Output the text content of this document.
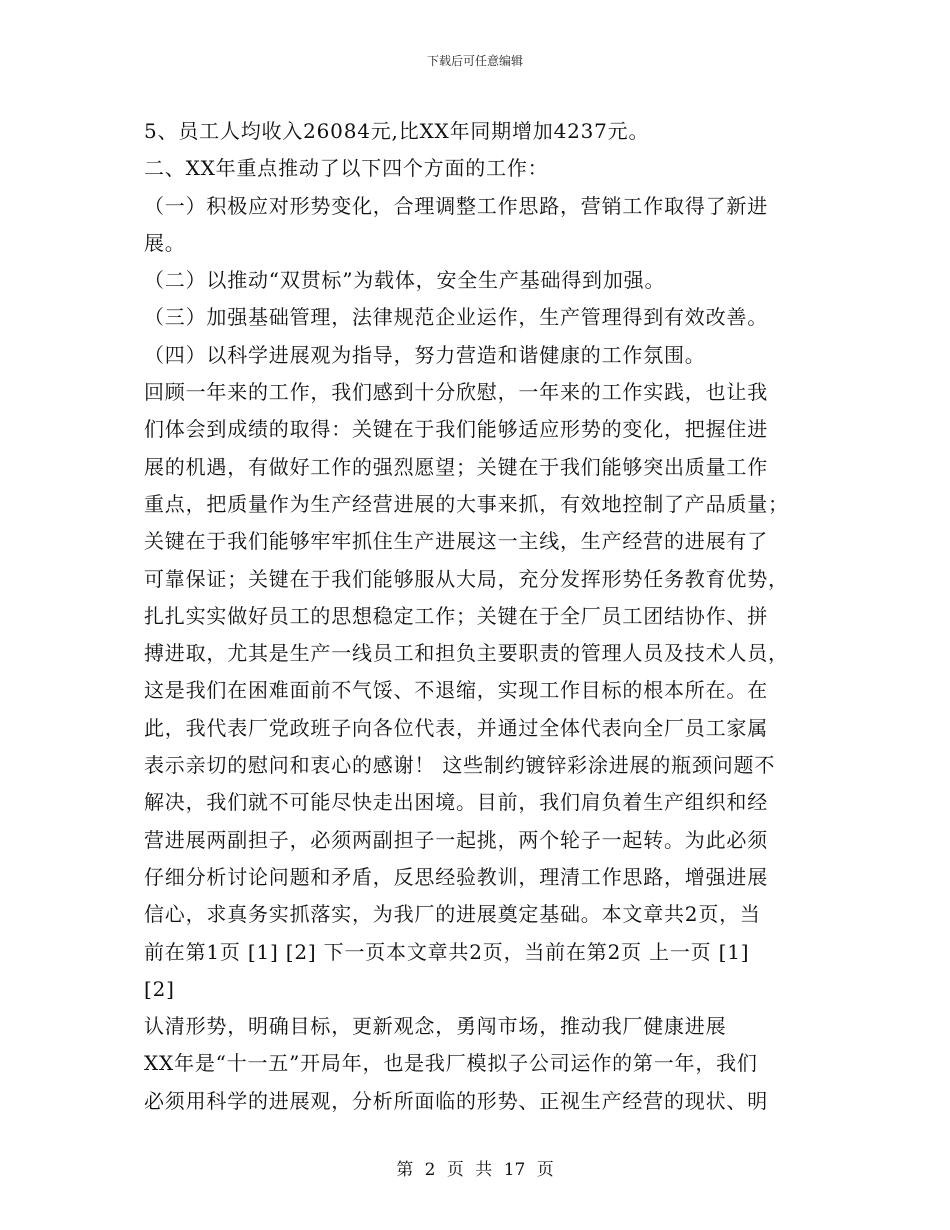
下载后可任意编辑
5、员工人均收入26084元,比XX年同期增加4237元。
二、XX年重点推动了以下四个方面的工作：
（一）积极应对形势变化，合理调整工作思路，营销工作取得了新进
展。
（二）以推动“双贯标”为载体，安全生产基础得到加强。
（三）加强基础管理，法律规范企业运作，生产管理得到有效改善。
（四）以科学进展观为指导，努力营造和谐健康的工作氛围。
回顾一年来的工作，我们感到十分欣慰，一年来的工作实践，也让我
们体会到成绩的取得：关键在于我们能够适应形势的变化，把握住进
展的机遇，有做好工作的强烈愿望；关键在于我们能够突出质量工作
重点，把质量作为生产经营进展的大事来抓，有效地控制了产品质量；
关键在于我们能够牢牢抓住生产进展这一主线，生产经营的进展有了
可靠保证；关键在于我们能够服从大局，充分发挥形势任务教育优势，
扎扎实实做好员工的思想稳定工作；关键在于全厂员工团结协作、拼
搏进取，尤其是生产一线员工和担负主要职责的管理人员及技术人员，
这是我们在困难面前不气馁、不退缩，实现工作目标的根本所在。在
此，我代表厂党政班子向各位代表，并通过全体代表向全厂员工家属
表示亲切的慰问和衷心的感谢！ 这些制约镀锌彩涂进展的瓶颈问题不
解决，我们就不可能尽快走出困境。目前，我们肩负着生产组织和经
营进展两副担子，必须两副担子一起挑，两个轮子一起转。为此必须
仔细分析讨论问题和矛盾，反思经验教训，理清工作思路，增强进展
信心，求真务实抓落实，为我厂的进展奠定基础。本文章共2页，当
前在第1页 [1] [2] 下一页本文章共2页，当前在第2页 上一页 [1]
[2]
认清形势，明确目标，更新观念，勇闯市场，推动我厂健康进展
XX年是“十一五”开局年，也是我厂模拟子公司运作的第一年，我们
必须用科学的进展观，分析所面临的形势、正视生产经营的现状、明
第 2 页 共 17 页
